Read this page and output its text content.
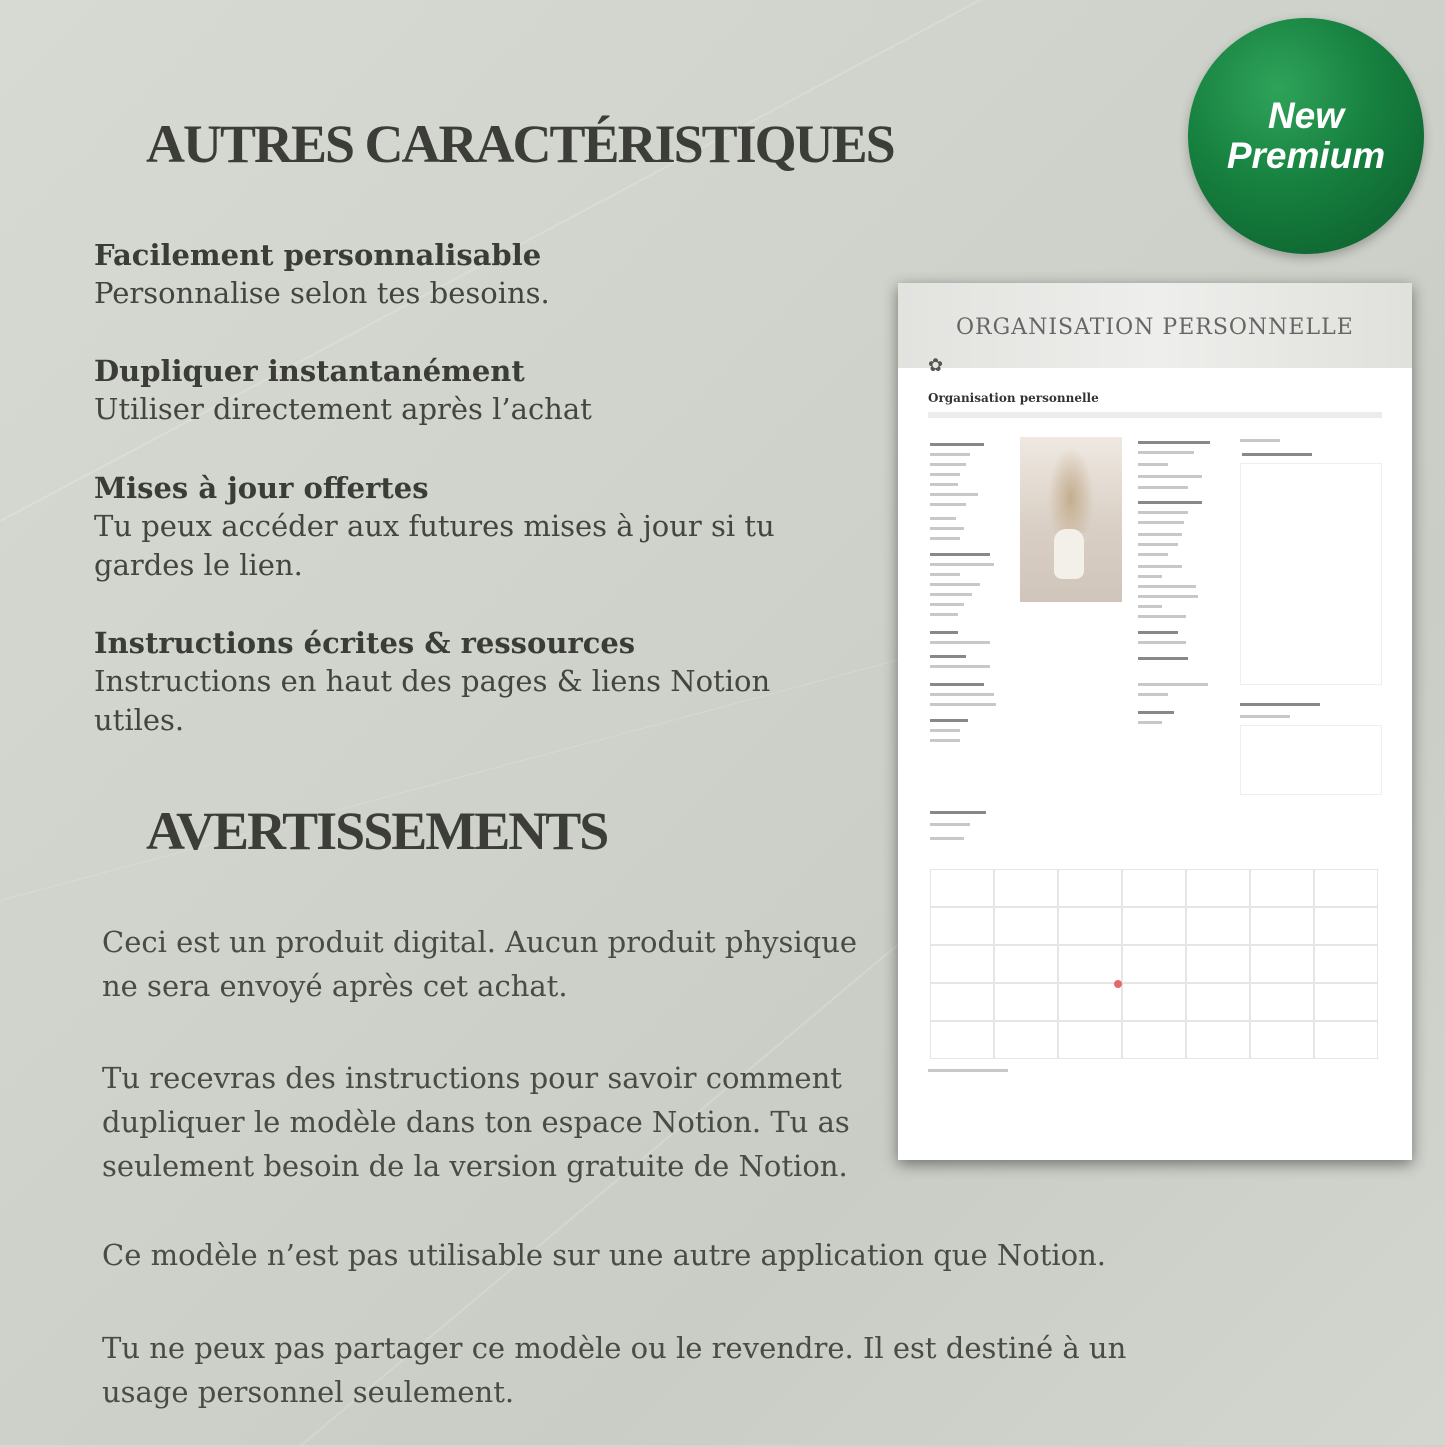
AUTRES CARACTÉRISTIQUES
Facilement personnalisable
Personnalise selon tes besoins.
Dupliquer instantanément
Utiliser directement après l’achat
Mises à jour offertes
Tu peux accéder aux futures mises à jour si tu gardes le lien.
Instructions écrites & ressources
Instructions en haut des pages & liens Notion utiles.
AVERTISSEMENTS
Ceci est un produit digital. Aucun produit physique ne sera envoyé après cet achat.
Tu recevras des instructions pour savoir comment dupliquer le modèle dans ton espace Notion. Tu as seulement besoin de la version gratuite de Notion.
Ce modèle n’est pas utilisable sur une autre application que Notion.
Tu ne peux pas partager ce modèle ou le revendre. Il est destiné à un usage personnel seulement.
New
Premium
ORGANISATION PERSONNELLE
✿
Organisation personnelle
